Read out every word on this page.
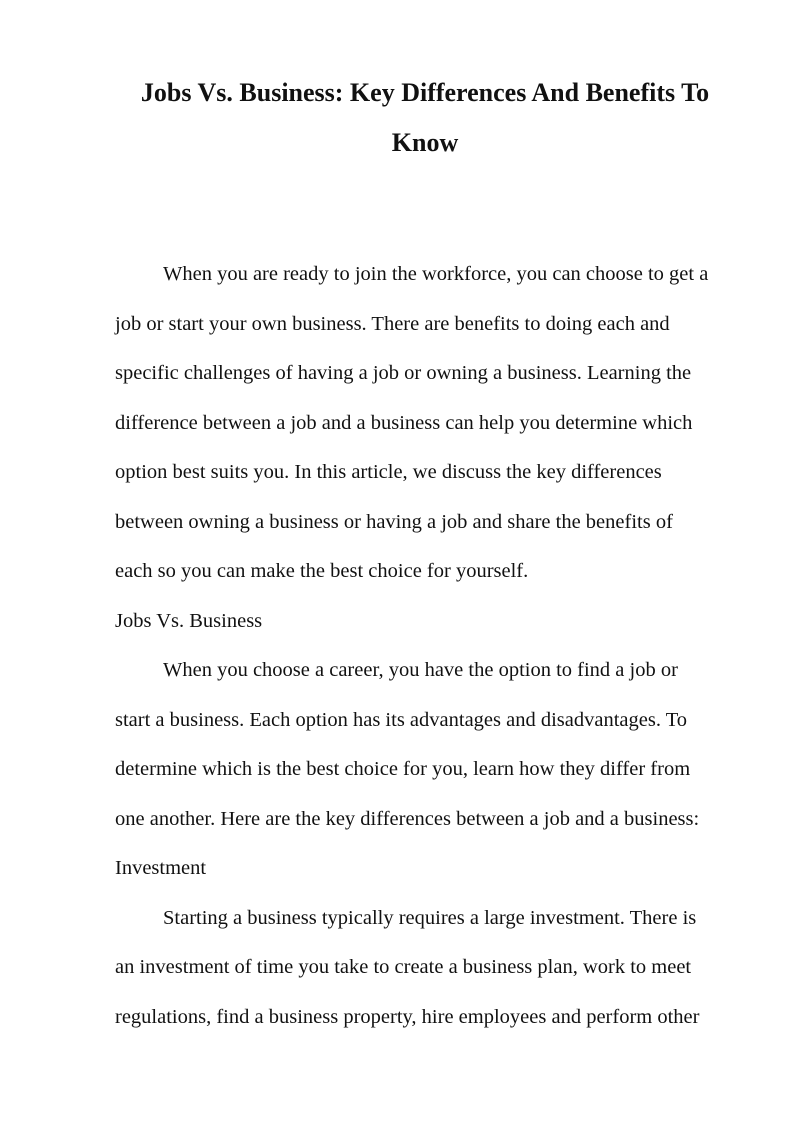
Jobs Vs. Business: Key Differences And Benefits To
Know
When you are ready to join the workforce, you can choose to get a
job or start your own business. There are benefits to doing each and
specific challenges of having a job or owning a business. Learning the
difference between a job and a business can help you determine which
option best suits you. In this article, we discuss the key differences
between owning a business or having a job and share the benefits of
each so you can make the best choice for yourself.
Jobs Vs. Business
When you choose a career, you have the option to find a job or
start a business. Each option has its advantages and disadvantages. To
determine which is the best choice for you, learn how they differ from
one another. Here are the key differences between a job and a business:
Investment
Starting a business typically requires a large investment. There is
an investment of time you take to create a business plan, work to meet
regulations, find a business property, hire employees and perform other
